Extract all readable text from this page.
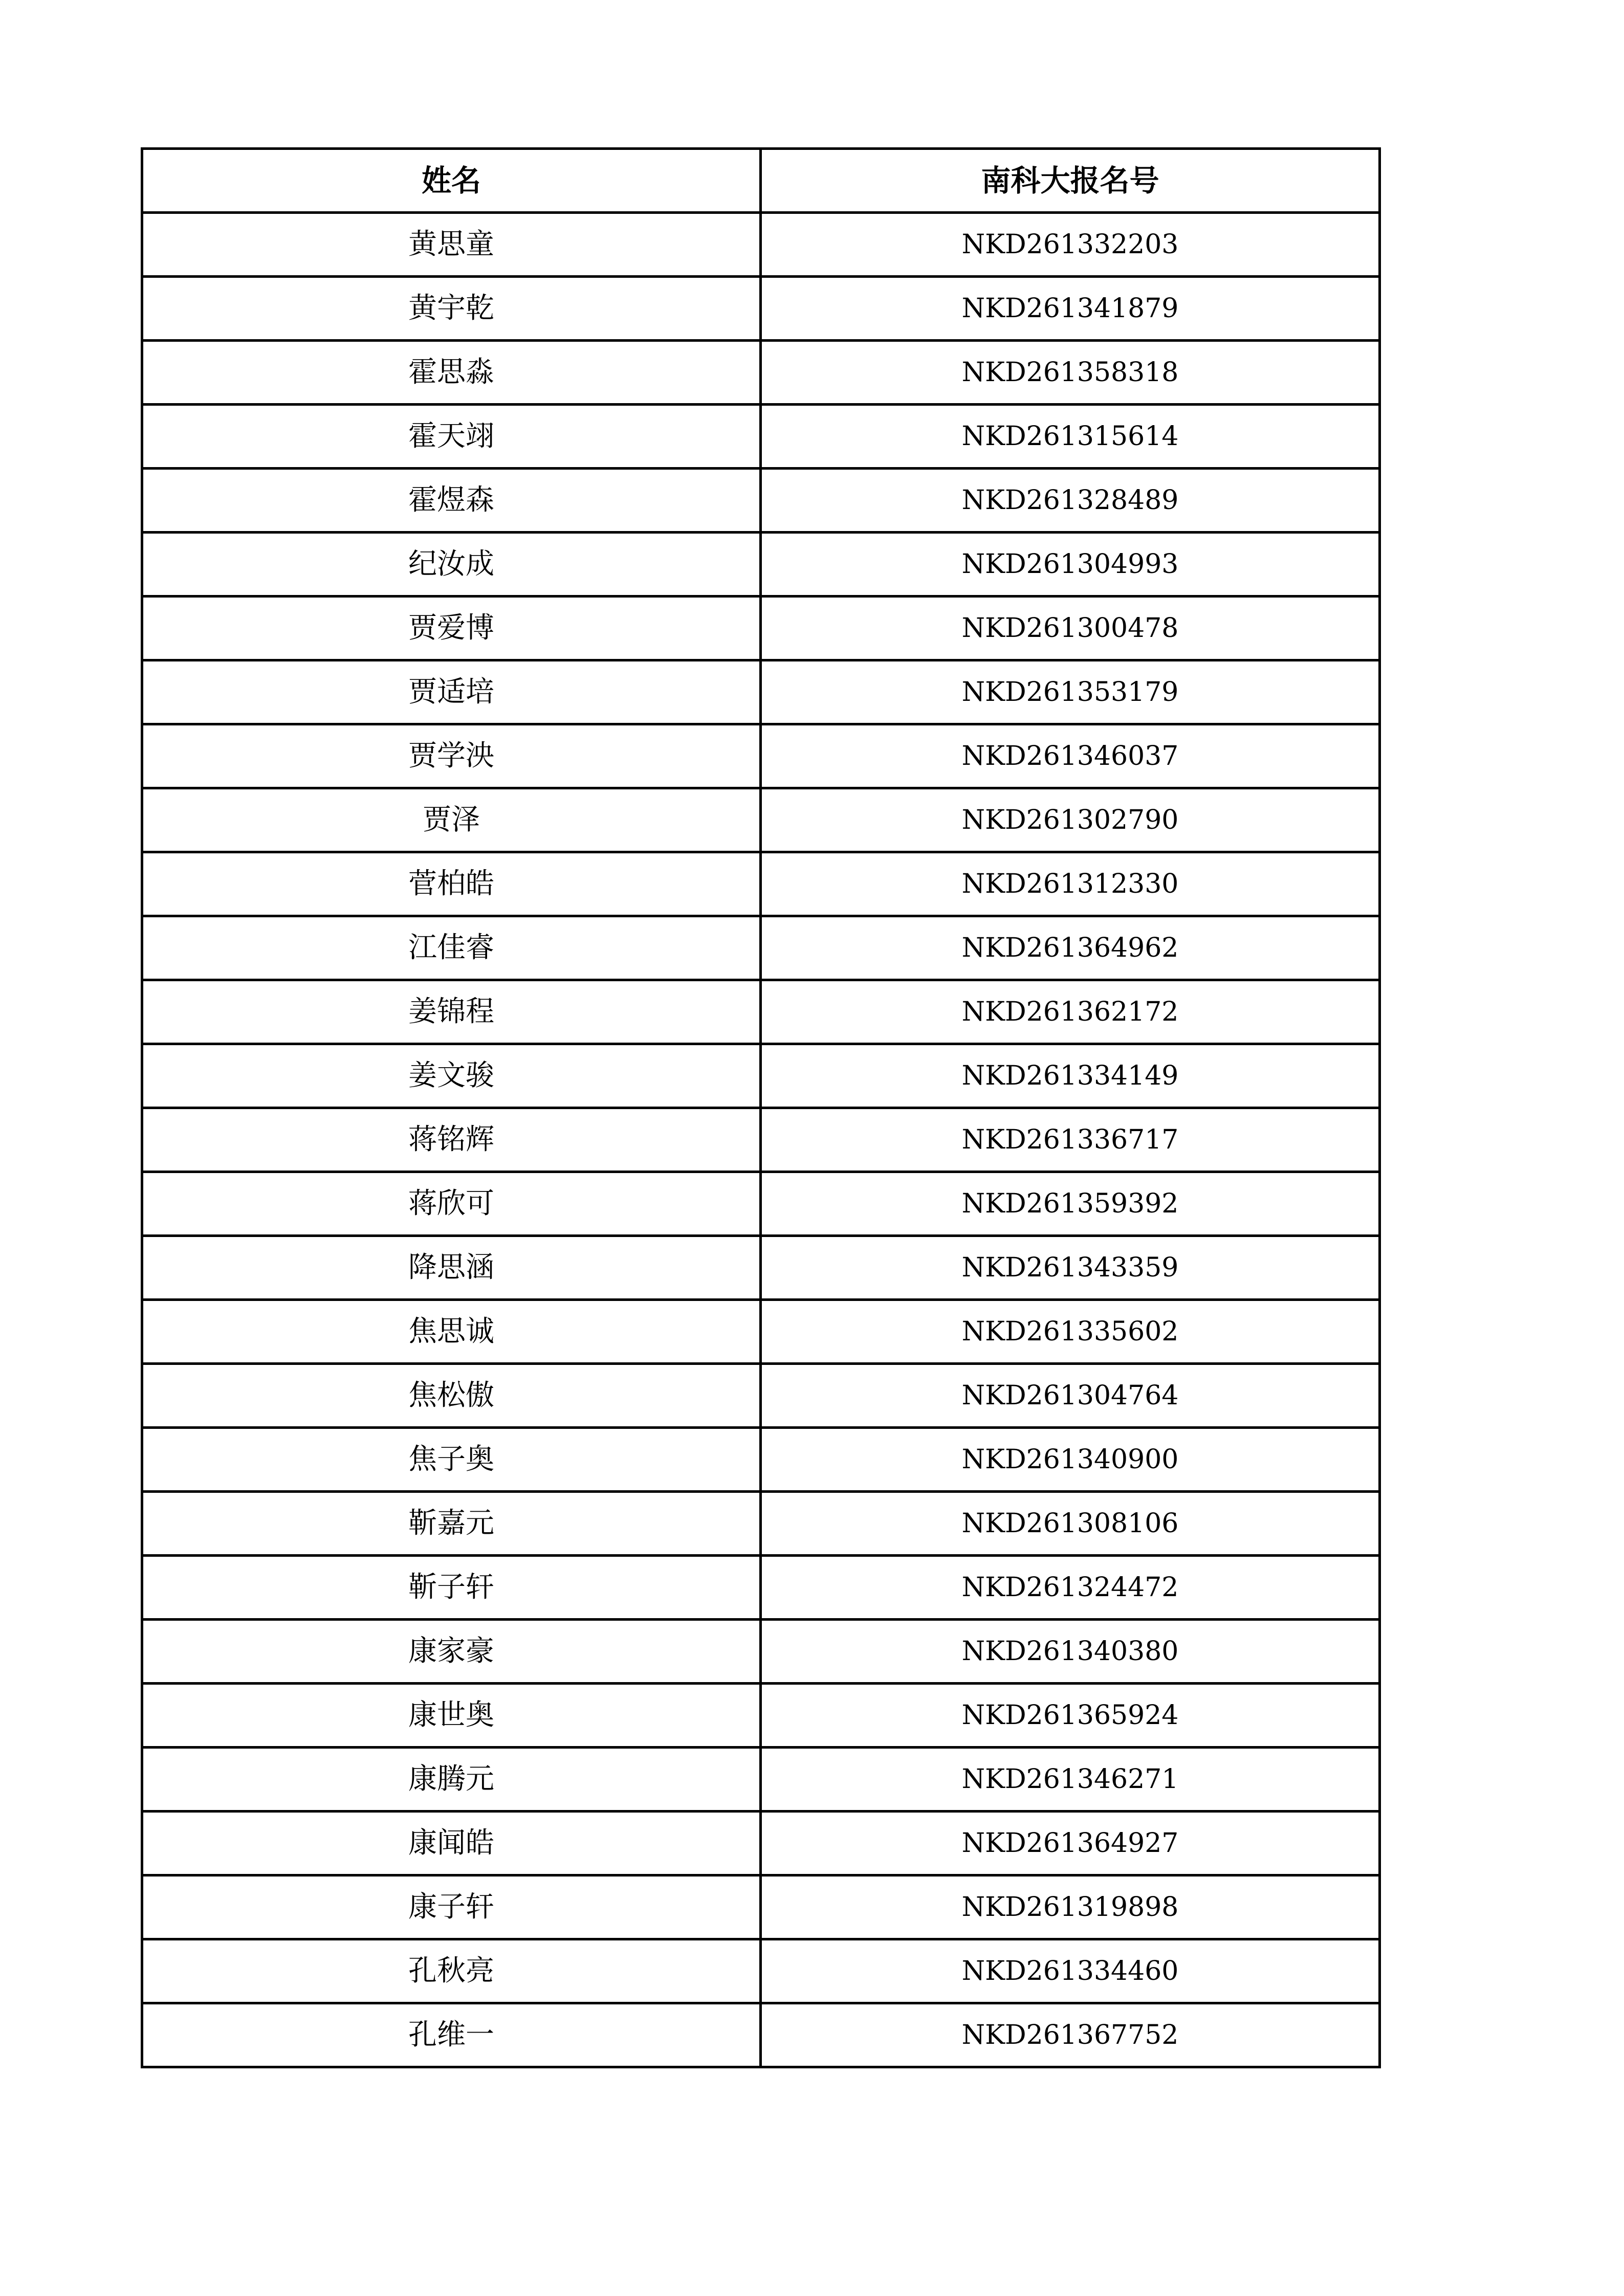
姓名	南科大报名号
黄思童	NKD261332203
黄宇乾	NKD261341879
霍思淼	NKD261358318
霍天翊	NKD261315614
霍煜森	NKD261328489
纪汝成	NKD261304993
贾爱博	NKD261300478
贾适培	NKD261353179
贾学泱	NKD261346037
贾泽	NKD261302790
菅柏皓	NKD261312330
江佳睿	NKD261364962
姜锦程	NKD261362172
姜文骏	NKD261334149
蒋铭辉	NKD261336717
蒋欣可	NKD261359392
降思涵	NKD261343359
焦思诚	NKD261335602
焦松傲	NKD261304764
焦子奥	NKD261340900
靳嘉元	NKD261308106
靳子轩	NKD261324472
康家豪	NKD261340380
康世奥	NKD261365924
康腾元	NKD261346271
康闻皓	NKD261364927
康子轩	NKD261319898
孔秋亮	NKD261334460
孔维一	NKD261367752
